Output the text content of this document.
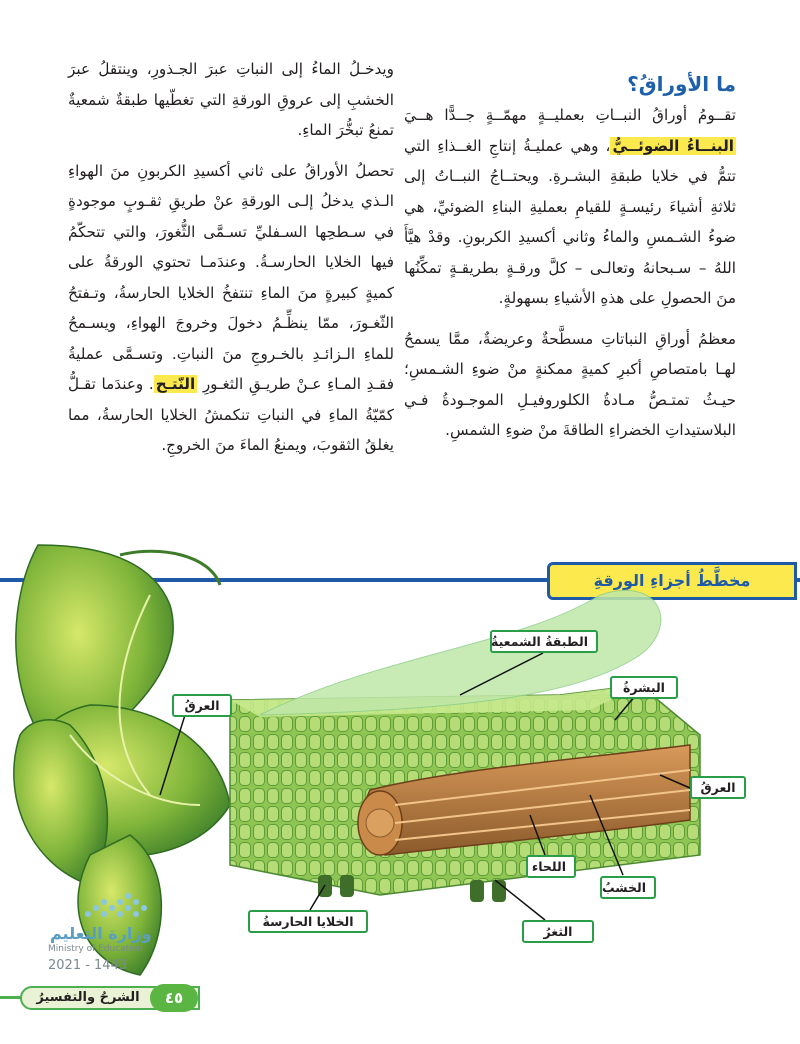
ما الأوراقُ؟

تقــومُ أوراقُ النبــاتِ بعمليــةٍ مهمّــةٍ جــدًّا هــيَ البنــاءُ الضوئــيُّ، وهي عمليـةُ إنتاجِ الغــذاءِ التي تتمُّ في خلايا طبقةِ البشـرةِ. ويحتــاجُ النبــاتُ إلى ثلاثةِ أشياءَ رئيسـةٍ للقيامِ بعمليةِ البناءِ الضوئيِّ، هي ضوءُ الشـمسِ والماءُ وثاني أكسيدِ الكربونِ. وقدْ هيَّأَ اللهُ – سـبحانهُ وتعالـى – كلَّ ورقـةٍ بطريقـةٍ تمكِّنُها منَ الحصولِ على هذهِ الأشياءِ بسهولةٍ.

معظمُ أوراقِ النباتاتِ مسطَّحةٌ وعريضةٌ، ممَّا يسمحُ لهـا بامتصاصِ أكبرِ كميةٍ ممكنةٍ منْ ضوءِ الشـمسِ؛ حيـثُ تمتـصُّ مـادةُ الكلوروفيـلِ الموجـودةُ فـي البلاستيداتِ الخضراءِ الطاقةَ منْ ضوءِ الشمسِ.

ويدخـلُ الماءُ إلى النباتِ عبرَ الجـذورِ، وينتقلُ عبرَ الخشبِ إلى عروقِ الورقةِ التي تغطّيها طبقةٌ شمعيةٌ تمنعُ تبخُّرَ الماءِ.

تحصلُ الأوراقُ على ثاني أكسيدِ الكربونِ منَ الهواءِ الـذي يدخلُ إلـى الورقةِ عنْ طريقِ ثقـوبٍ موجودةٍ في سـطحِها السـفليِّ تسـمَّى الثُّغورَ، والتي تتحكّمُ فيها الخلايا الحارسـةُ. وعندَمـا تحتوي الورقةُ على كميةٍ كبيرةٍ منَ الماءِ تنتفخُ الخلايا الحارسةُ، وتـفتحُ الثّغـورَ، ممّا ينظِّـمُ دخولَ وخروجَ الهواءِ، ويسـمحُ للماءِ الـزائـدِ بالخـروجِ منَ النباتِ. وتسـمَّى عمليةُ فقـدِ المـاءِ عـنْ طريـقِ الثغـورِ النّتـح. وعندَما تقـلُّ كمّيّةُ الماءِ في النباتِ تنكمشُ الخلايا الحارسةُ، مما يغلقُ الثقوبَ، ويمنعُ الماءَ منَ الخروجِ.

مخطَّطُ أجزاءِ الورقةِ
الطبقةُ الشمعيةُ
البشرةُ
العرقُ
العرقُ
اللحاء
الخشبُ
الثغرُ
الخلايا الحارسةُ
وزارة التعليم
Ministry of Education
2021 - 1443
الشرحُ والتفسيرُ	٤٥
